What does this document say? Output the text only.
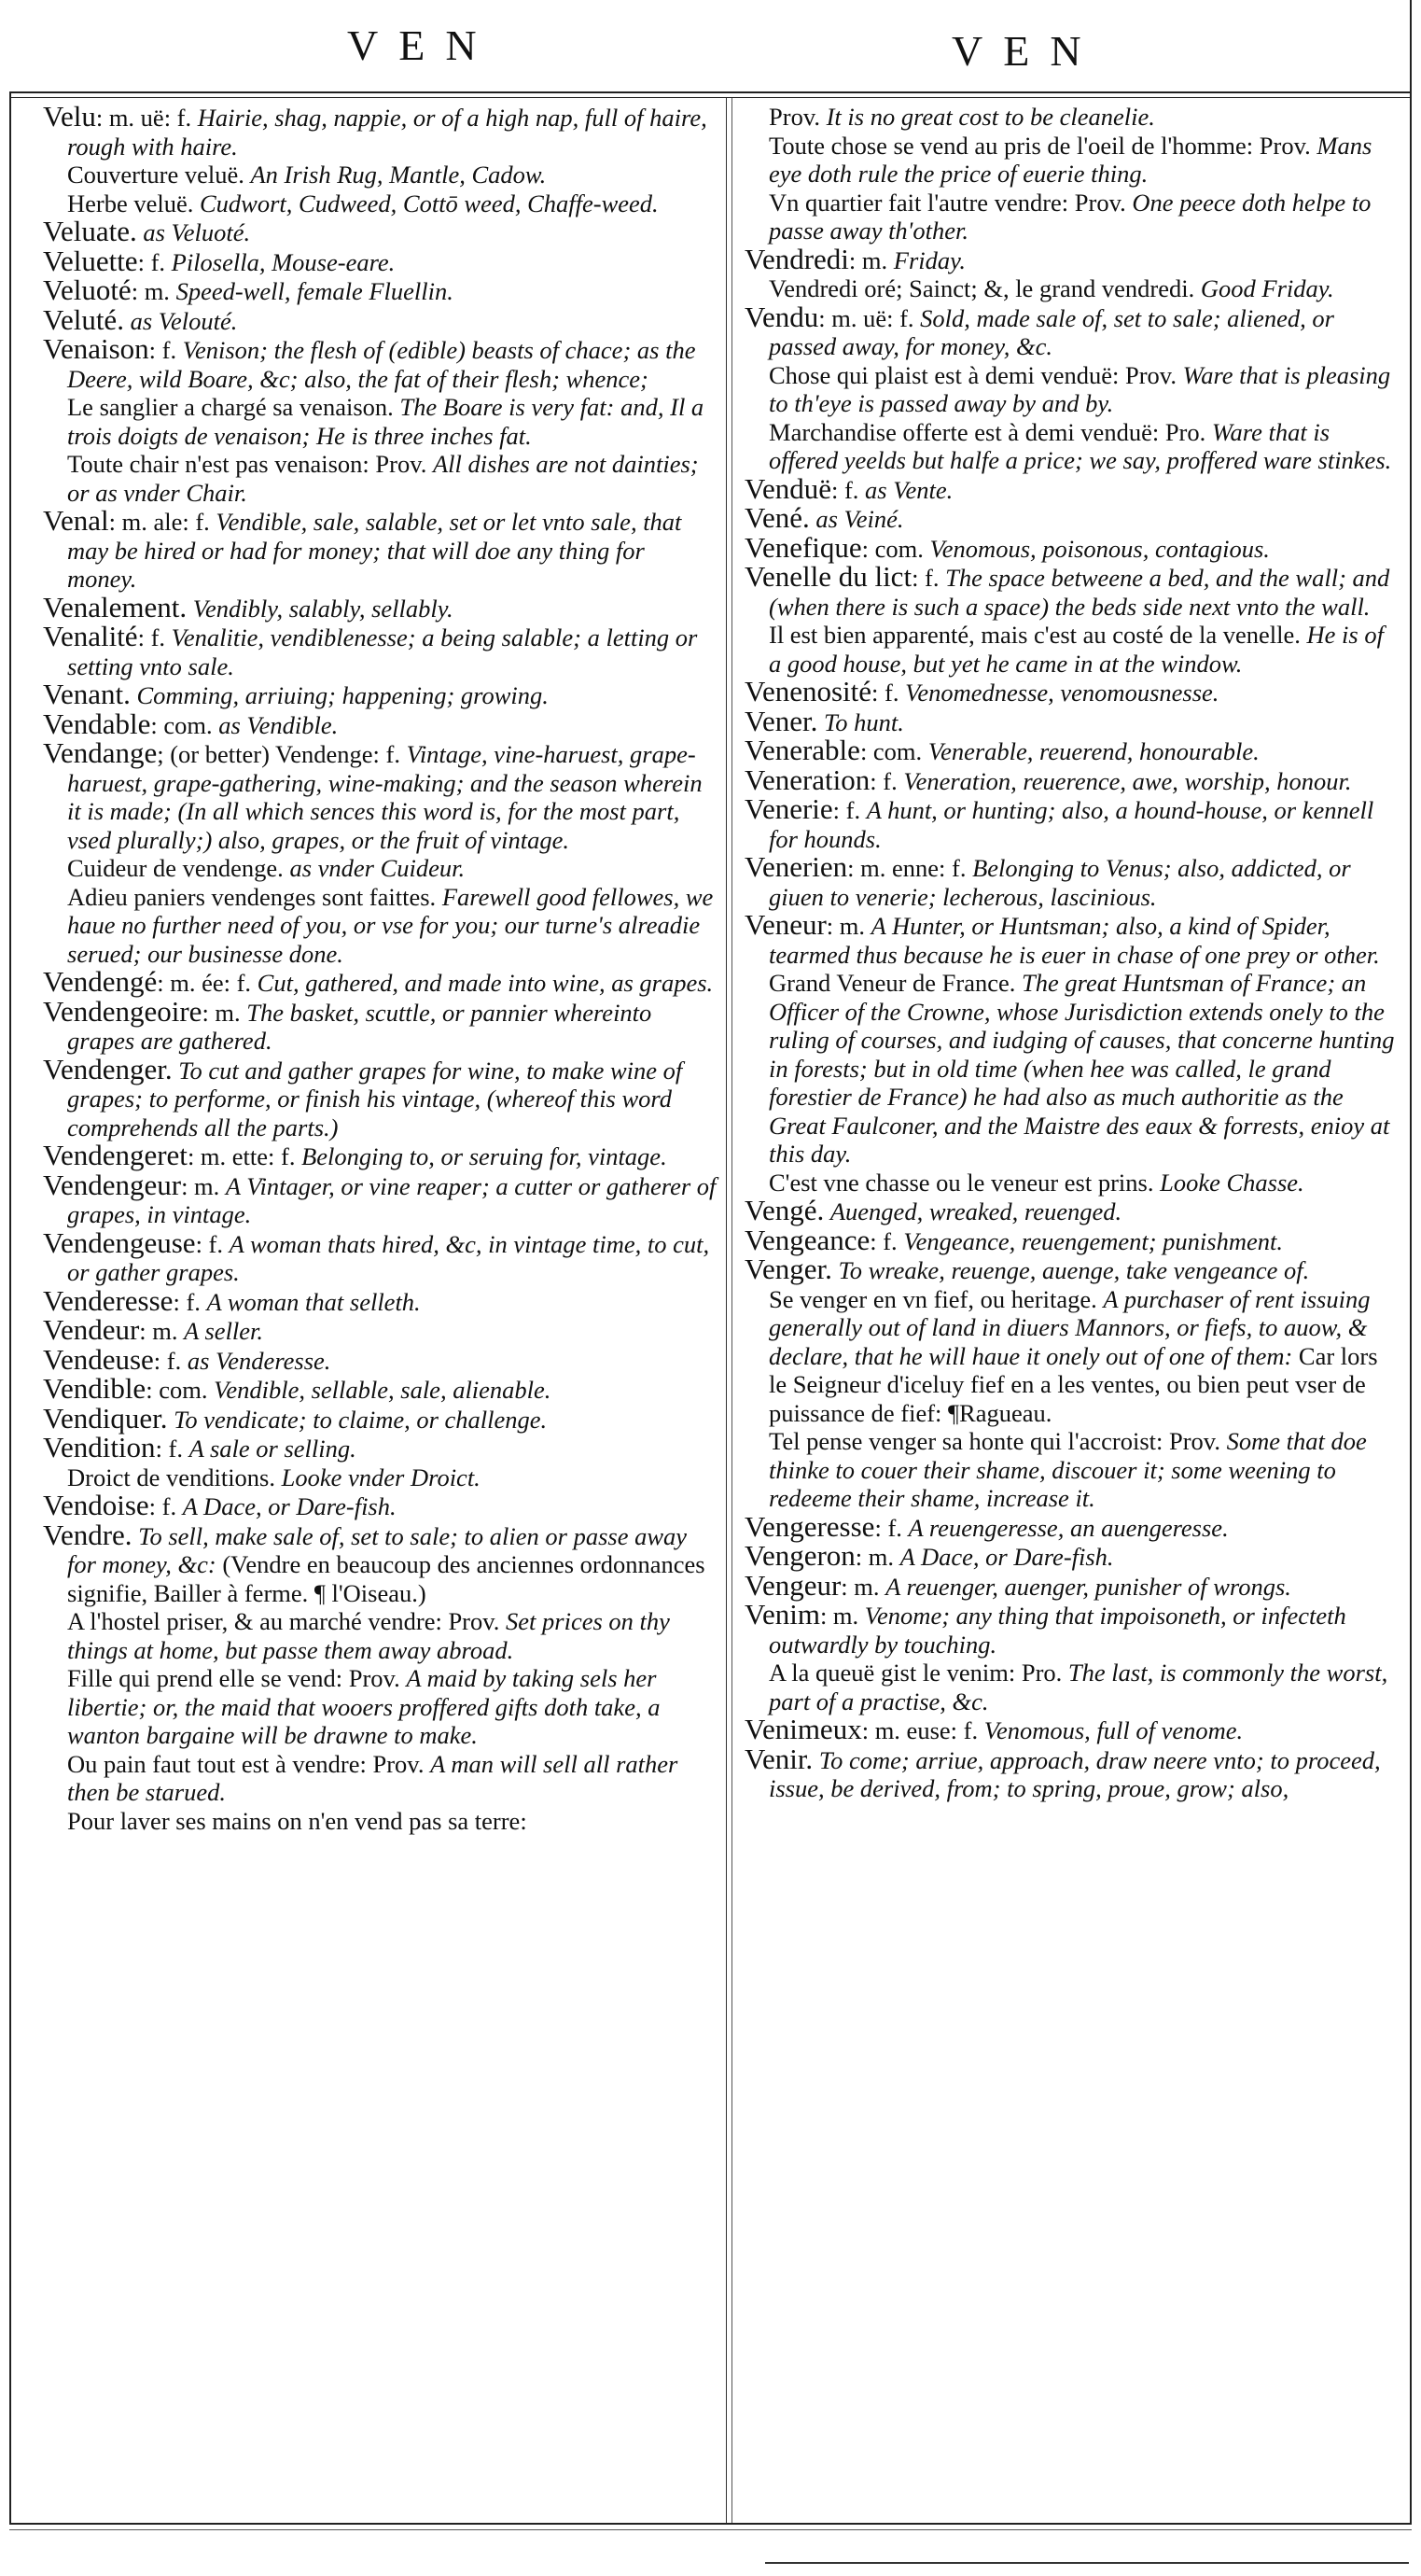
VEN	VEN
Velu: m. uë: f. Hairie, shag, nappie, or of a high nap, full of haire, rough with haire.
Couverture veluë. An Irish Rug, Mantle, Cadow.
Herbe veluë. Cudwort, Cudweed, Cottō weed, Chaffe-weed.
Veluate. as Veluoté.
Veluette: f. Pilosella, Mouse-eare.
Veluoté: m. Speed-well, female Fluellin.
Veluté. as Velouté.
Venaison: f. Venison; the flesh of (edible) beasts of chace; as the Deere, wild Boare, &c; also, the fat of their flesh; whence;
Le sanglier a chargé sa venaison. The Boare is very fat: and, Il a trois doigts de venaison; He is three inches fat.
Toute chair n'est pas venaison: Prov. All dishes are not dainties; or as vnder Chair.
Venal: m. ale: f. Vendible, sale, salable, set or let vnto sale, that may be hired or had for money; that will doe any thing for money.
Venalement. Vendibly, salably, sellably.
Venalité: f. Venalitie, vendiblenesse; a being salable; a letting or setting vnto sale.
Venant. Comming, arriuing; happening; growing.
Vendable: com. as Vendible.
Vendange; (or better) Vendenge: f. Vintage, vine-haruest, grape-haruest, grape-gathering, wine-making; and the season wherein it is made; (In all which sences this word is, for the most part, vsed plurally;) also, grapes, or the fruit of vintage.
Cuideur de vendenge. as vnder Cuideur.
Adieu paniers vendenges sont faittes. Farewell good fellowes, we haue no further need of you, or vse for you; our turne's alreadie serued; our businesse done.
Vendengé: m. ée: f. Cut, gathered, and made into wine, as grapes.
Vendengeoire: m. The basket, scuttle, or pannier whereinto grapes are gathered.
Vendenger. To cut and gather grapes for wine, to make wine of grapes; to performe, or finish his vintage, (whereof this word comprehends all the parts.)
Vendengeret: m. ette: f. Belonging to, or seruing for, vintage.
Vendengeur: m. A Vintager, or vine reaper; a cutter or gatherer of grapes, in vintage.
Vendengeuse: f. A woman thats hired, &c, in vintage time, to cut, or gather grapes.
Venderesse: f. A woman that selleth.
Vendeur: m. A seller.
Vendeuse: f. as Venderesse.
Vendible: com. Vendible, sellable, sale, alienable.
Vendiquer. To vendicate; to claime, or challenge.
Vendition: f. A sale or selling.
Droict de venditions. Looke vnder Droict.
Vendoise: f. A Dace, or Dare-fish.
Vendre. To sell, make sale of, set to sale; to alien or passe away for money, &c: (Vendre en beaucoup des anciennes ordonnances signifie, Bailler à ferme. ¶ l'Oiseau.)
A l'hostel priser, & au marché vendre: Prov. Set prices on thy things at home, but passe them away abroad.
Fille qui prend elle se vend: Prov. A maid by taking sels her libertie; or, the maid that wooers proffered gifts doth take, a wanton bargaine will be drawne to make.
Ou pain faut tout est à vendre: Prov. A man will sell all rather then be starued.
Pour laver ses mains on n'en vend pas sa terre:
Prov. It is no great cost to be cleanelie.
Toute chose se vend au pris de l'oeil de l'homme: Prov. Mans eye doth rule the price of euerie thing.
Vn quartier fait l'autre vendre: Prov. One peece doth helpe to passe away th'other.
Vendredi: m. Friday.
Vendredi oré; Sainct; &, le grand vendredi. Good Friday.
Vendu: m. uë: f. Sold, made sale of, set to sale; aliened, or passed away, for money, &c.
Chose qui plaist est à demi venduë: Prov. Ware that is pleasing to th'eye is passed away by and by.
Marchandise offerte est à demi venduë: Pro. Ware that is offered yeelds but halfe a price; we say, proffered ware stinkes.
Venduë: f. as Vente.
Vené. as Veiné.
Venefique: com. Venomous, poisonous, contagious.
Venelle du lict: f. The space betweene a bed, and the wall; and (when there is such a space) the beds side next vnto the wall.
Il est bien apparenté, mais c'est au costé de la venelle. He is of a good house, but yet he came in at the window.
Venenosité: f. Venomednesse, venomousnesse.
Vener. To hunt.
Venerable: com. Venerable, reuerend, honourable.
Veneration: f. Veneration, reuerence, awe, worship, honour.
Venerie: f. A hunt, or hunting; also, a hound-house, or kennell for hounds.
Venerien: m. enne: f. Belonging to Venus; also, addicted, or giuen to venerie; lecherous, lascinious.
Veneur: m. A Hunter, or Huntsman; also, a kind of Spider, tearmed thus because he is euer in chase of one prey or other.
Grand Veneur de France. The great Huntsman of France; an Officer of the Crowne, whose Jurisdiction extends onely to the ruling of courses, and iudging of causes, that concerne hunting in forests; but in old time (when hee was called, le grand forestier de France) he had also as much authoritie as the Great Faulconer, and the Maistre des eaux & forrests, enioy at this day.
C'est vne chasse ou le veneur est prins. Looke Chasse.
Vengé. Auenged, wreaked, reuenged.
Vengeance: f. Vengeance, reuengement; punishment.
Venger. To wreake, reuenge, auenge, take vengeance of.
Se venger en vn fief, ou heritage. A purchaser of rent issuing generally out of land in diuers Mannors, or fiefs, to auow, & declare, that he will haue it onely out of one of them: Car lors le Seigneur d'iceluy fief en a les ventes, ou bien peut vser de puissance de fief: ¶Ragueau.
Tel pense venger sa honte qui l'accroist: Prov. Some that doe thinke to couer their shame, discouer it; some weening to redeeme their shame, increase it.
Vengeresse: f. A reuengeresse, an auengeresse.
Vengeron: m. A Dace, or Dare-fish.
Vengeur: m. A reuenger, auenger, punisher of wrongs.
Venim: m. Venome; any thing that impoisoneth, or infecteth outwardly by touching.
A la queuë gist le venim: Pro. The last, is commonly the worst, part of a practise, &c.
Venimeux: m. euse: f. Venomous, full of venome.
Venir. To come; arriue, approach, draw neere vnto; to proceed, issue, be derived, from; to spring, proue, grow; also,
